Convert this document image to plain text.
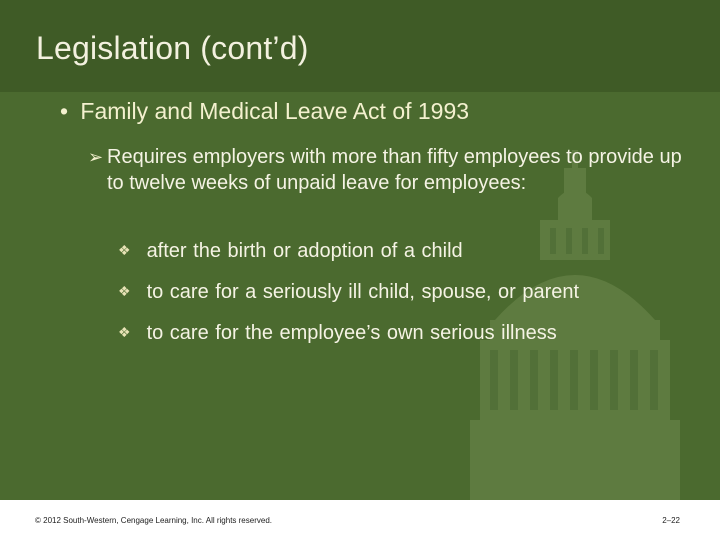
Legislation (cont’d)
• Family and Medical Leave Act of 1993
➢ Requires employers with more than fifty employees to provide up to twelve weeks of unpaid leave for employees:
❖ after the birth or adoption of a child
❖ to care for a seriously ill child, spouse, or parent
❖ to care for the employee’s own serious illness
© 2012 South-Western, Cengage Learning, Inc. All rights reserved.	2–22
